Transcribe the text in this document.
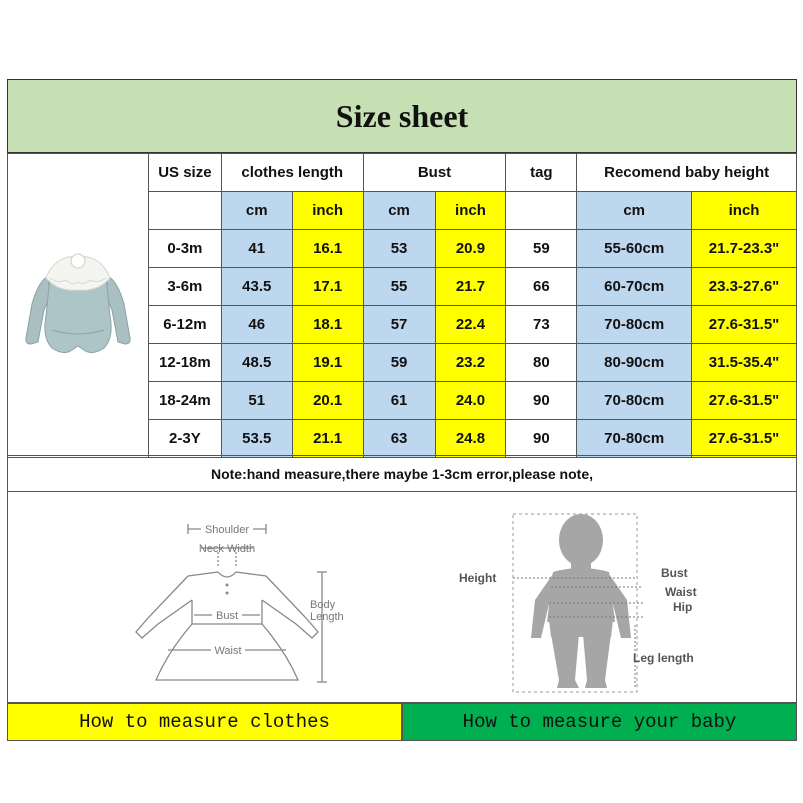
Size sheet
	US size	clothes length		Bust		tag	Recomend baby height	
		cm	inch	cm	inch		cm	inch
	0-3m	41	16.1	53	20.9	59	55-60cm	21.7-23.3"
	3-6m	43.5	17.1	55	21.7	66	60-70cm	23.3-27.6"
	6-12m	46	18.1	57	22.4	73	70-80cm	27.6-31.5"
	12-18m	48.5	19.1	59	23.2	80	80-90cm	31.5-35.4"
	18-24m	51	20.1	61	24.0	90	70-80cm	27.6-31.5"
	2-3Y	53.5	21.1	63	24.8	90	70-80cm	27.6-31.5"
Note:hand measure,there maybe 1-3cm error,please note,
Shoulder
Neck Width
Bust
Waist
Body Length
Height	Bust
Waist
Hip
Leg length
How to measure clothes	How to measure your baby
